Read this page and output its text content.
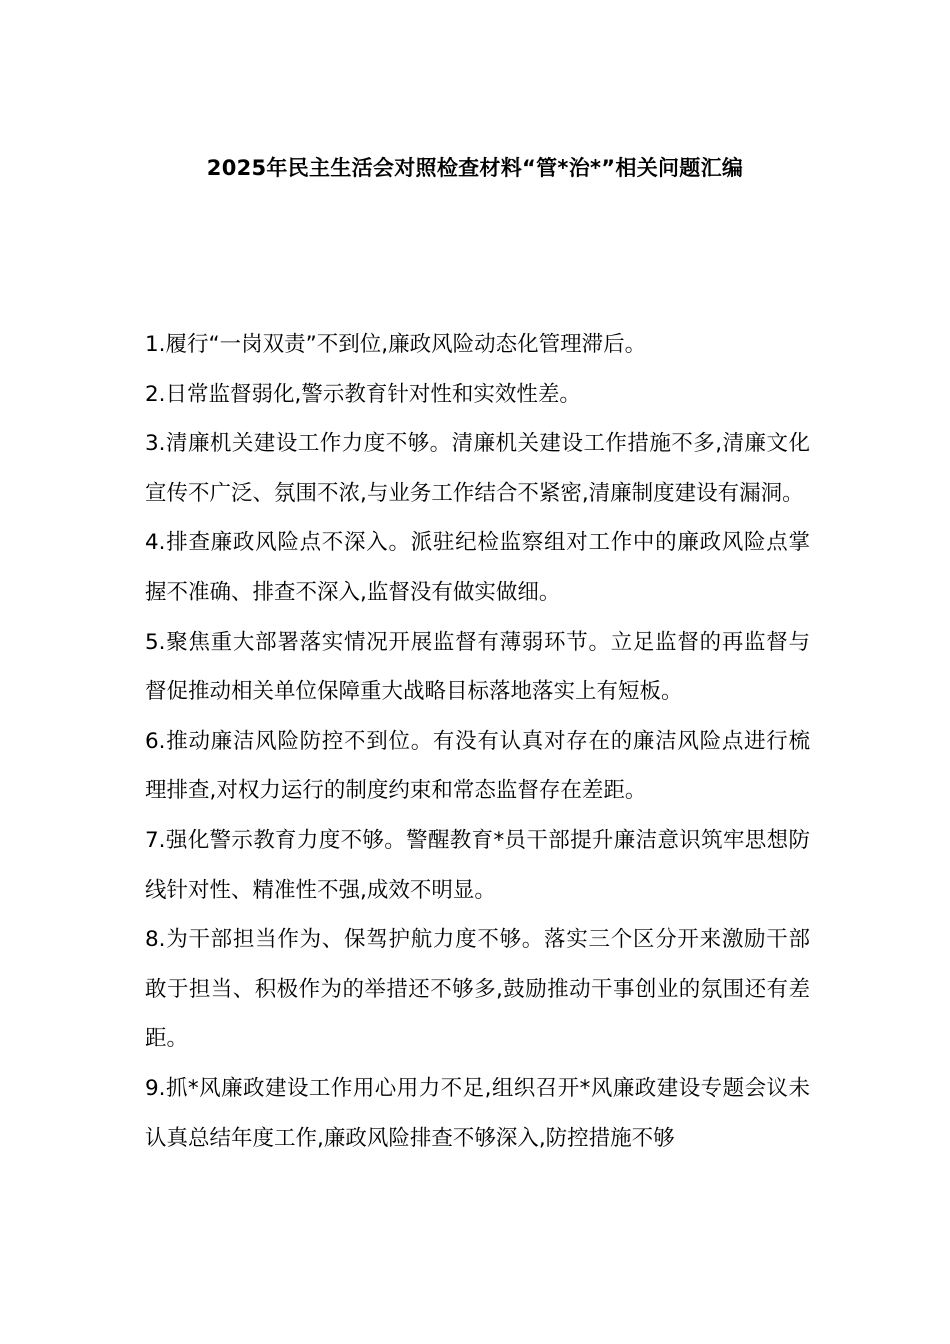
2025年民主生活会对照检查材料“管*治*”相关问题汇编

1.履行“一岗双责”不到位,廉政风险动态化管理滞后。

2.日常监督弱化,警示教育针对性和实效性差。

3.清廉机关建设工作力度不够。清廉机关建设工作措施不多,清廉文化宣传不广泛、氛围不浓,与业务工作结合不紧密,清廉制度建设有漏洞。

4.排查廉政风险点不深入。派驻纪检监察组对工作中的廉政风险点掌握不准确、排查不深入,监督没有做实做细。

5.聚焦重大部署落实情况开展监督有薄弱环节。立足监督的再监督与督促推动相关单位保障重大战略目标落地落实上有短板。

6.推动廉洁风险防控不到位。有没有认真对存在的廉洁风险点进行梳理排查,对权力运行的制度约束和常态监督存在差距。

7.强化警示教育力度不够。警醒教育*员干部提升廉洁意识筑牢思想防线针对性、精准性不强,成效不明显。

8.为干部担当作为、保驾护航力度不够。落实三个区分开来激励干部敢于担当、积极作为的举措还不够多,鼓励推动干事创业的氛围还有差距。

9.抓*风廉政建设工作用心用力不足,组织召开*风廉政建设专题会议未认真总结年度工作,廉政风险排查不够深入,防控措施不够
